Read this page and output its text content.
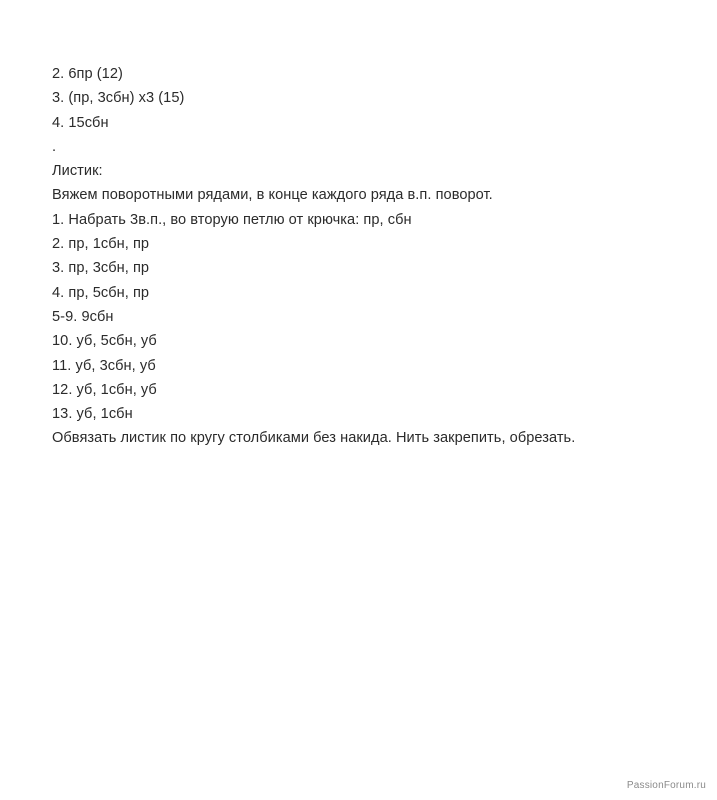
2. 6пр (12)
3. (пр, 3сбн) х3 (15)
4. 15сбн
.
Листик:
Вяжем поворотными рядами, в конце каждого ряда в.п. поворот.
1. Набрать 3в.п., во вторую петлю от крючка: пр, сбн
2. пр, 1сбн, пр
3. пр, 3сбн, пр
4. пр, 5сбн, пр
5-9. 9сбн
10. уб, 5сбн, уб
11. уб, 3сбн, уб
12. уб, 1сбн, уб
13. уб, 1сбн
Обвязать листик по кругу столбиками без накида. Нить закрепить, обрезать.
PassionForum.ru
